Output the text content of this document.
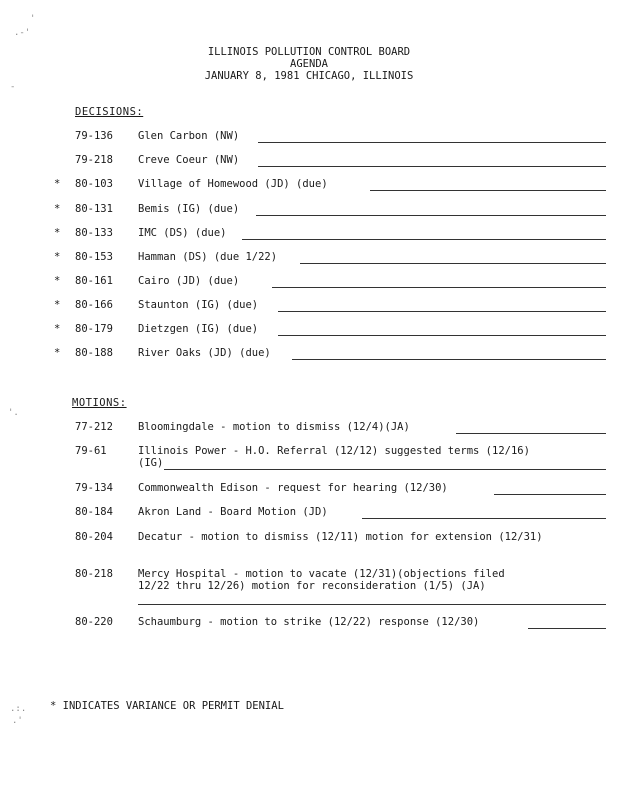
'
.-'
-
'.
ILLINOIS POLLUTION CONTROL BOARD
AGENDA
JANUARY 8, 1981 CHICAGO, ILLINOIS
DECISIONS:
79-136 Glen Carbon (NW)
79-218 Creve Coeur (NW)
* 80-103 Village of Homewood (JD) (due)
* 80-131 Bemis (IG) (due)
* 80-133 IMC (DS) (due)
* 80-153 Hamman (DS) (due 1/22)
* 80-161 Cairo (JD) (due)
* 80-166 Staunton (IG) (due)
* 80-179 Dietzgen (IG) (due)
* 80-188 River Oaks (JD) (due)
MOTIONS:
77-212 Bloomingdale - motion to dismiss (12/4)(JA)
79-61	Illinois Power - H.O. Referral (12/12) suggested terms (12/16)
(IG)
79-134 Commonwealth Edison - request for hearing (12/30)
80-184 Akron Land - Board Motion (JD)
80-204 Decatur - motion to dismiss (12/11) motion for extension (12/31)
80-218 Mercy Hospital - motion to vacate (12/31)(objections filed
12/22 thru 12/26) motion for reconsideration (1/5) (JA)
80-220 Schaumburg - motion to strike (12/22) response (12/30)
* INDICATES VARIANCE OR PERMIT DENIAL
.:.
.'
